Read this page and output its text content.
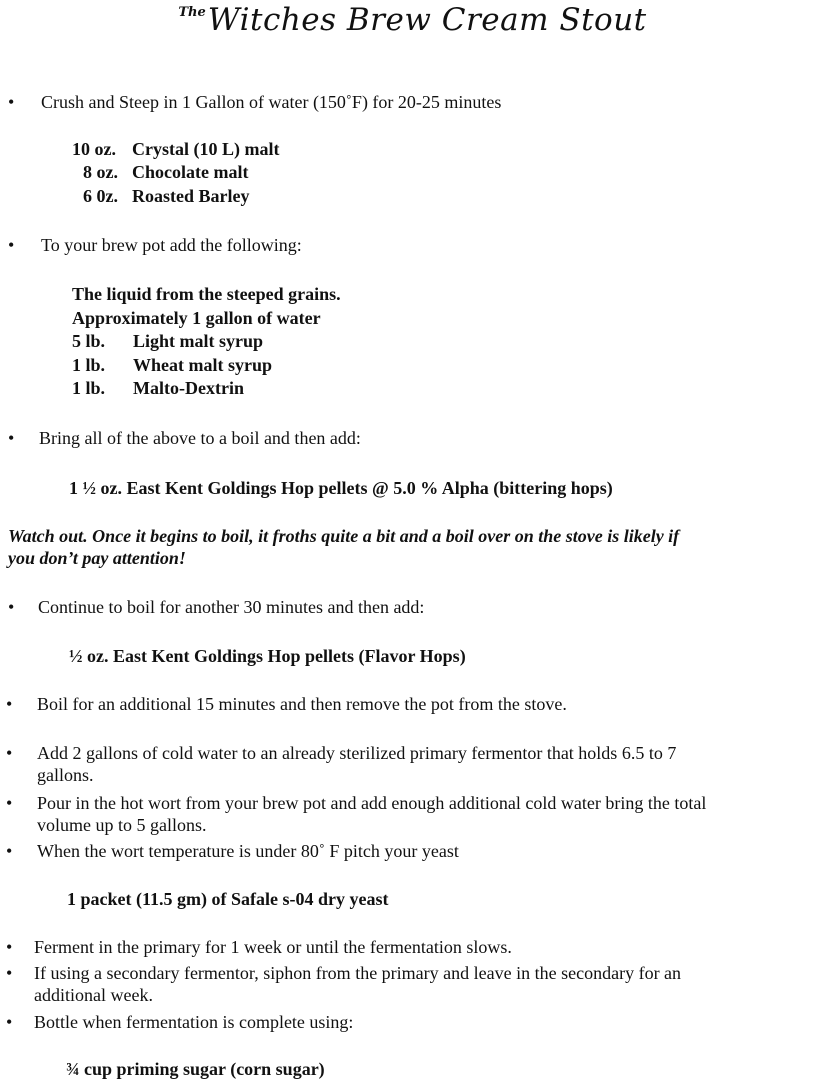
$^{The}$Witches Brew Cream Stout
• Crush and Steep in 1 Gallon of water (150˚F) for 20-25 minutes
10 oz. Crystal (10 L) malt
8 oz. Chocolate malt
6 0z. Roasted Barley
• To your brew pot add the following:
The liquid from the steeped grains.
Approximately 1 gallon of water
5 lb. Light malt syrup
1 lb. Wheat malt syrup
1 lb. Malto-Dextrin
• Bring all of the above to a boil and then add:
1 ½ oz. East Kent Goldings Hop pellets @ 5.0 % Alpha (bittering hops)
Watch out. Once it begins to boil, it froths quite a bit and a boil over on the stove is likely if
you don’t pay attention!
• Continue to boil for another 30 minutes and then add:
½ oz. East Kent Goldings Hop pellets (Flavor Hops)
• Boil for an additional 15 minutes and then remove the pot from the stove.
• Add 2 gallons of cold water to an already sterilized primary fermentor that holds 6.5 to 7
gallons.
• Pour in the hot wort from your brew pot and add enough additional cold water bring the total
volume up to 5 gallons.
• When the wort temperature is under 80˚ F pitch your yeast
1 packet (11.5 gm) of Safale s-04 dry yeast
• Ferment in the primary for 1 week or until the fermentation slows.
• If using a secondary fermentor, siphon from the primary and leave in the secondary for an
additional week.
• Bottle when fermentation is complete using:
¾ cup priming sugar (corn sugar)
